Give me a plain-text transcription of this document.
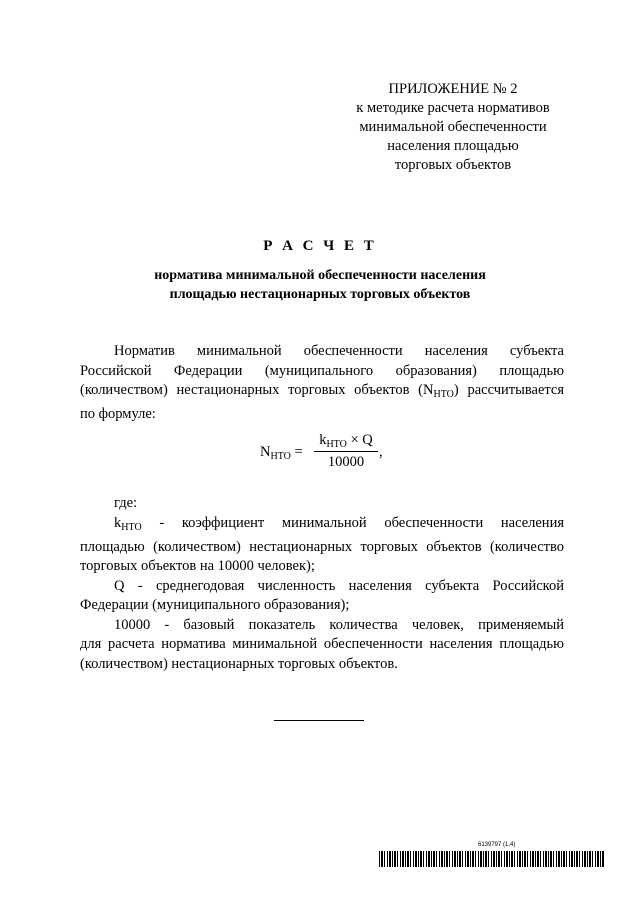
ПРИЛОЖЕНИЕ № 2
к методике расчета нормативов
минимальной обеспеченности
населения площадью
торговых объектов
Р А С Ч Е Т
норматива минимальной обеспеченности населения
площадью нестационарных торговых объектов
Норматив минимальной обеспеченности населения субъекта
Российской Федерации (муниципального образования) площадью
(количеством) нестационарных торговых объектов $(N_{НТО})$ рассчитывается
по формуле:
$N_{НТО}$ =
$k_{НТО} \times Q$
10000
,
где:
$k_{НТО}$ - коэффициент минимальной обеспеченности населения
площадью (количеством) нестационарных торговых объектов (количество
торговых объектов на 10000 человек);
Q - среднегодовая численность населения субъекта Российской
Федерации (муниципального образования);
10000 - базовый показатель количества человек, применяемый
для расчета норматива минимальной обеспеченности населения площадью
(количеством) нестационарных торговых объектов.
6139797 (1.4)
